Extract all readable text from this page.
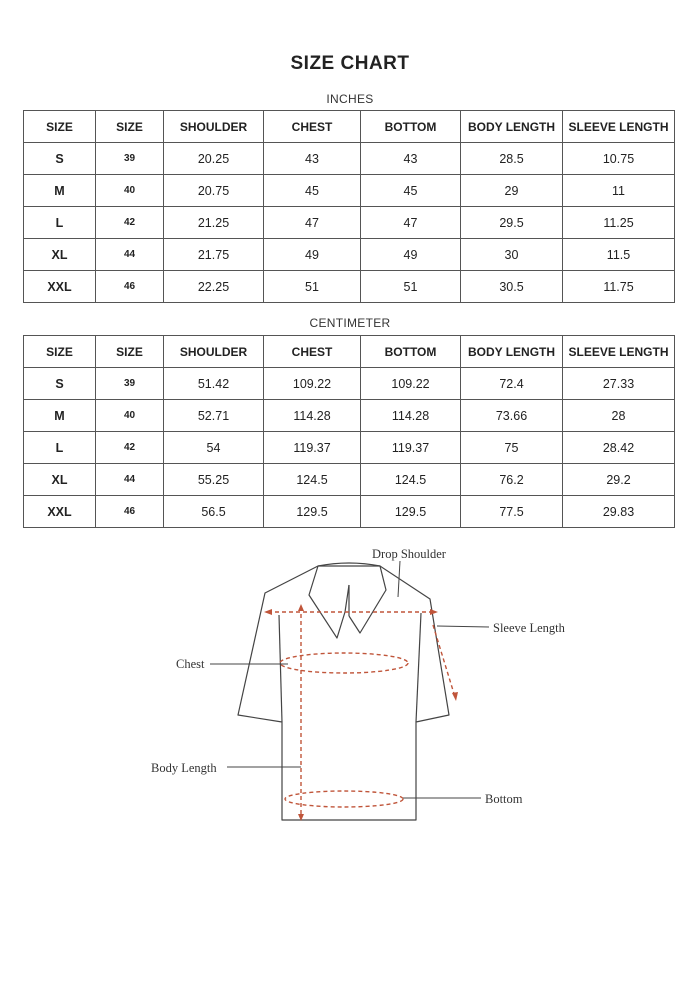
SIZE CHART
INCHES
SIZE	SIZE	SHOULDER	CHEST	BOTTOM	BODY LENGTH	SLEEVE LENGTH
S	39	20.25	43	43	28.5	10.75
M	40	20.75	45	45	29	11
L	42	21.25	47	47	29.5	11.25
XL	44	21.75	49	49	30	11.5
XXL	46	22.25	51	51	30.5	11.75
CENTIMETER
SIZE	SIZE	SHOULDER	CHEST	BOTTOM	BODY LENGTH	SLEEVE LENGTH
S	39	51.42	109.22	109.22	72.4	27.33
M	40	52.71	114.28	114.28	73.66	28
L	42	54	119.37	119.37	75	28.42
XL	44	55.25	124.5	124.5	76.2	29.2
XXL	46	56.5	129.5	129.5	77.5	29.83
Drop Shoulder
Sleeve Length
Chest
Body Length
Bottom
